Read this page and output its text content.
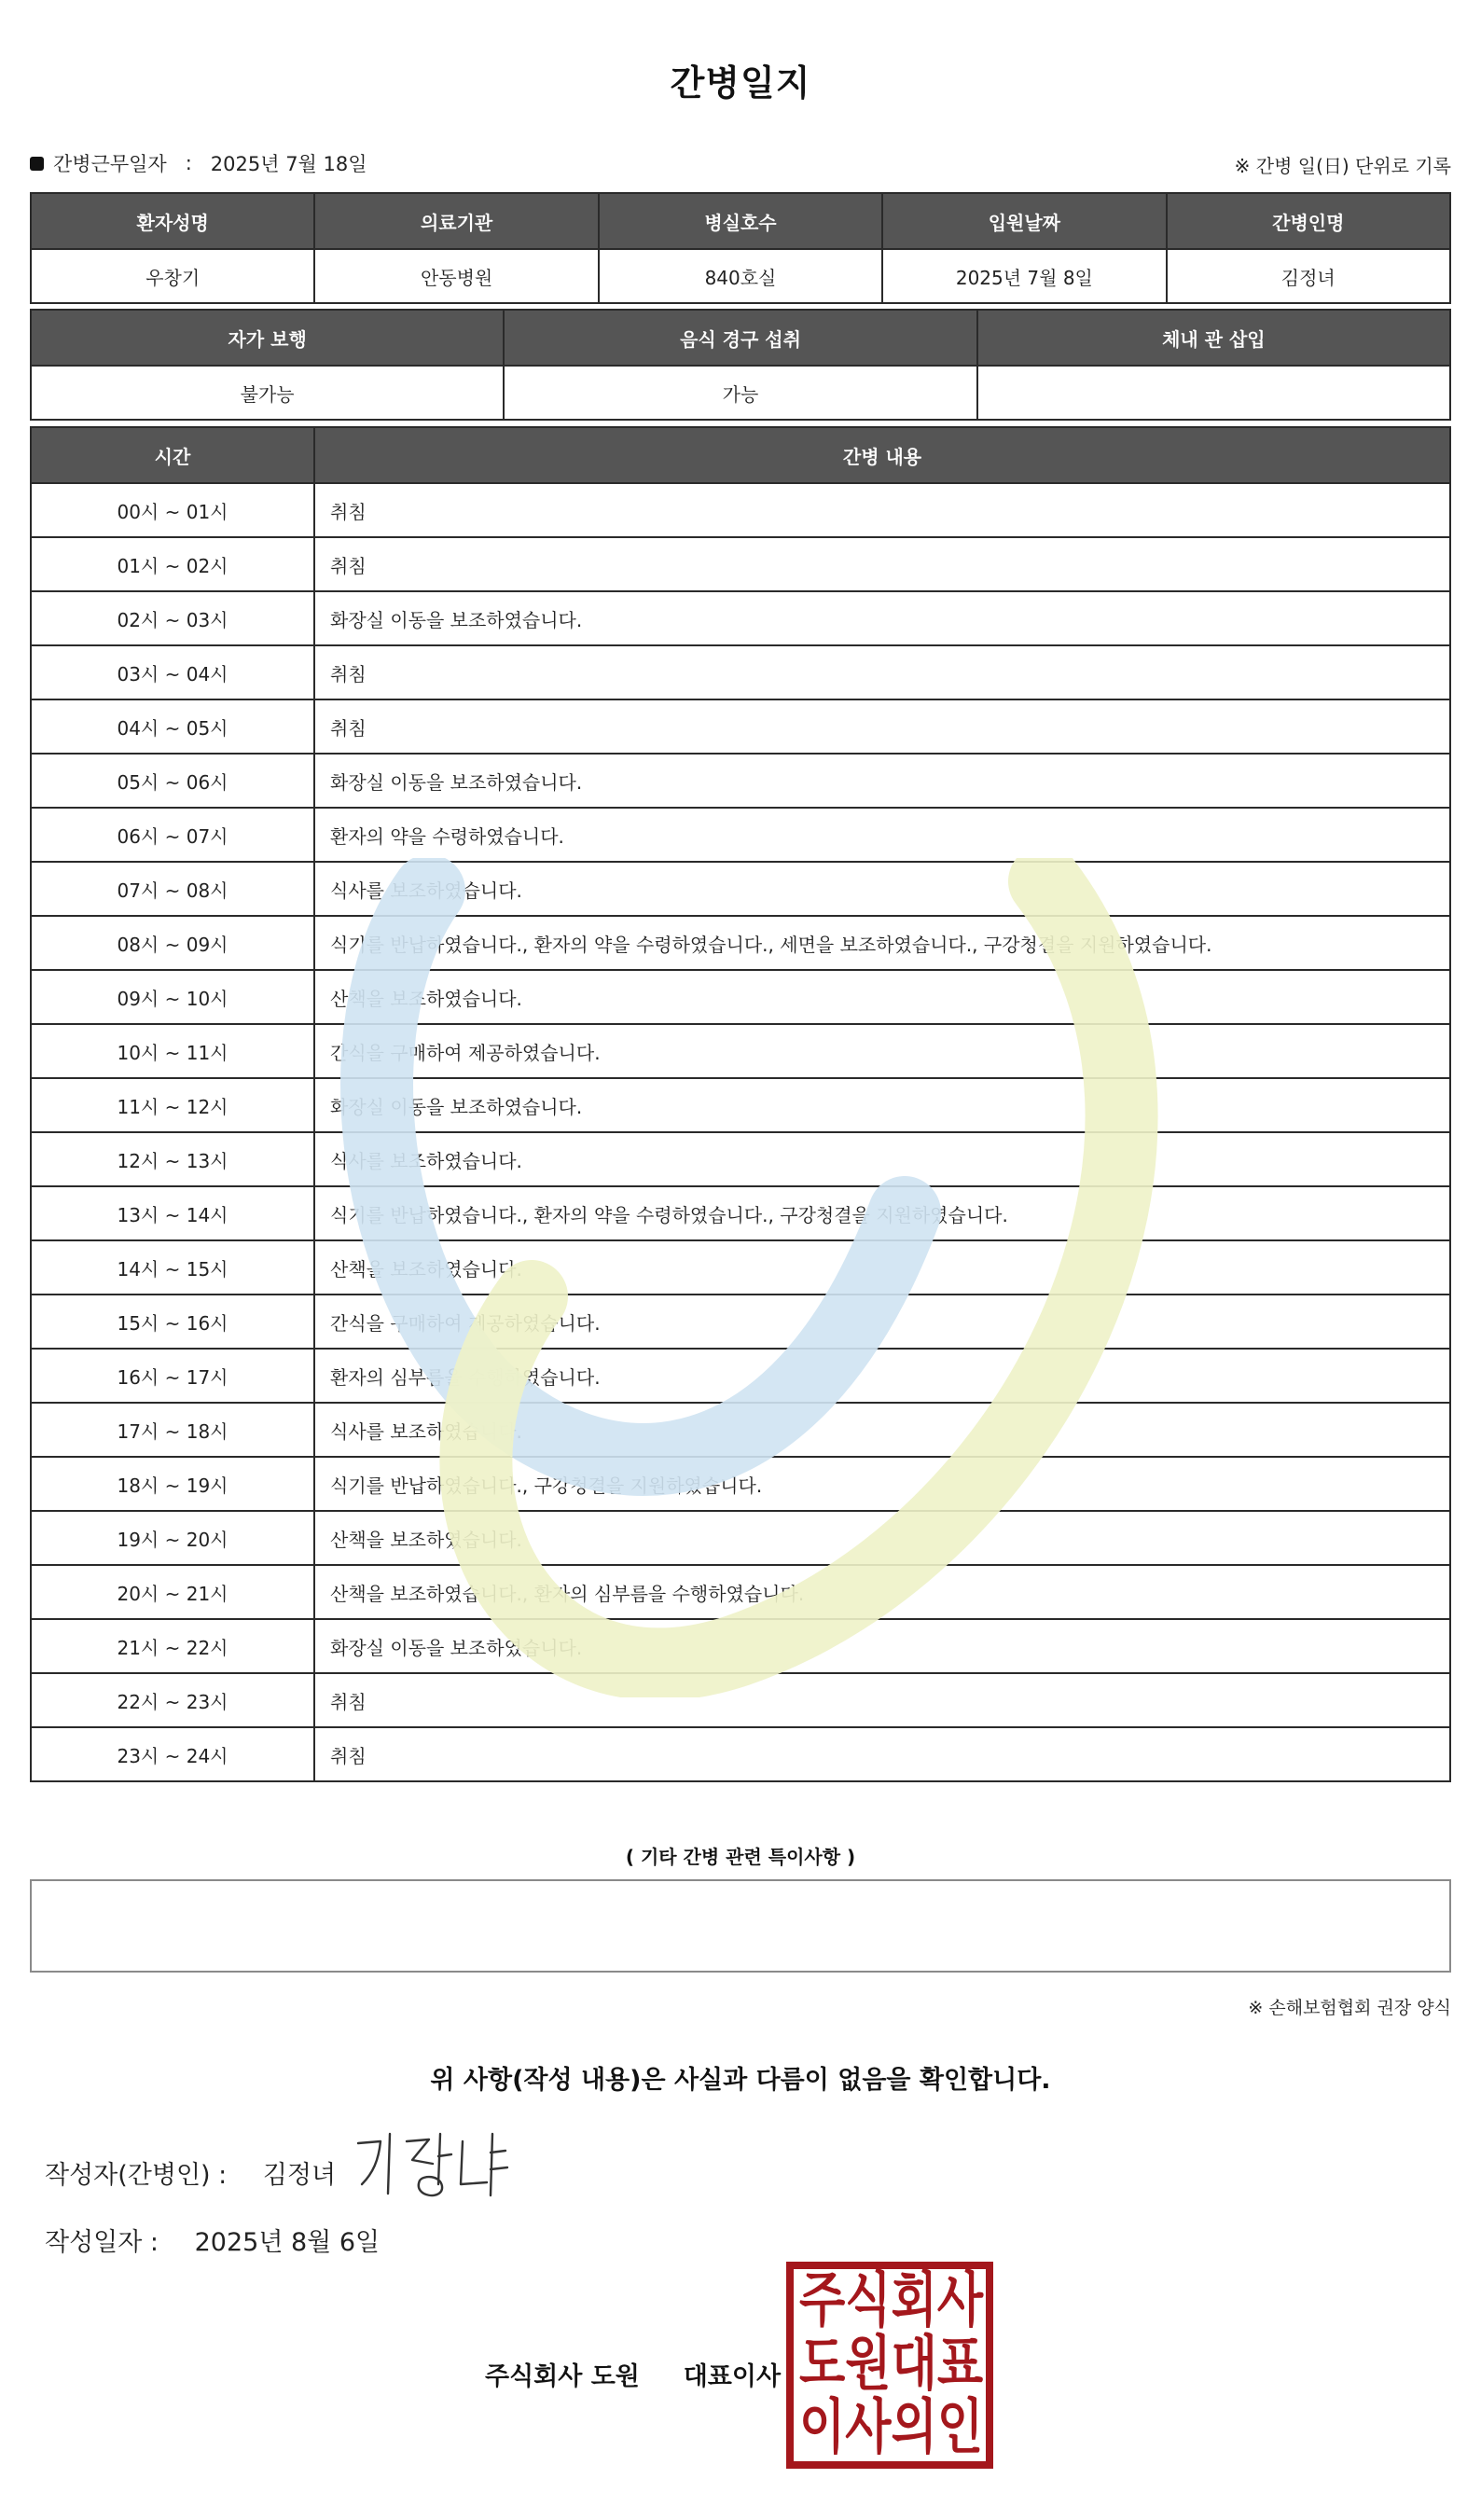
간병일지
간병근무일자 : 2025년 7월 18일	※ 간병 일(日) 단위로 기록
환자성명	의료기관	병실호수	입원날짜	간병인명
우창기	안동병원	840호실	2025년 7월 8일	김정녀
자가 보행	음식 경구 섭취	체내 관 삽입
불가능	가능	
시간	간병 내용
00시 ~ 01시	취침
01시 ~ 02시	취침
02시 ~ 03시	화장실 이동을 보조하였습니다.
03시 ~ 04시	취침
04시 ~ 05시	취침
05시 ~ 06시	화장실 이동을 보조하였습니다.
06시 ~ 07시	환자의 약을 수령하였습니다.
07시 ~ 08시	식사를 보조하였습니다.
08시 ~ 09시	식기를 반납하였습니다., 환자의 약을 수령하였습니다., 세면을 보조하였습니다., 구강청결을 지원하였습니다.
09시 ~ 10시	산책을 보조하였습니다.
10시 ~ 11시	간식을 구매하여 제공하였습니다.
11시 ~ 12시	화장실 이동을 보조하였습니다.
12시 ~ 13시	식사를 보조하였습니다.
13시 ~ 14시	식기를 반납하였습니다., 환자의 약을 수령하였습니다., 구강청결을 지원하였습니다.
14시 ~ 15시	산책을 보조하였습니다.
15시 ~ 16시	간식을 구매하여 제공하였습니다.
16시 ~ 17시	환자의 심부름을 수행하였습니다.
17시 ~ 18시	식사를 보조하였습니다.
18시 ~ 19시	식기를 반납하였습니다., 구강청결을 지원하였습니다.
19시 ~ 20시	산책을 보조하였습니다.
20시 ~ 21시	산책을 보조하였습니다., 환자의 심부름을 수행하였습니다.
21시 ~ 22시	화장실 이동을 보조하였습니다.
22시 ~ 23시	취침
23시 ~ 24시	취침
( 기타 간병 관련 특이사항 )
※ 손해보험협회 권장 양식
위 사항(작성 내용)은 사실과 다름이 없음을 확인합니다.
작성자(간병인) : 김정녀
작성일자 : 2025년 8월 6일
주식회사 도원 대표이사
주 식 회 사
도 원 대 표
이 사 의 인
